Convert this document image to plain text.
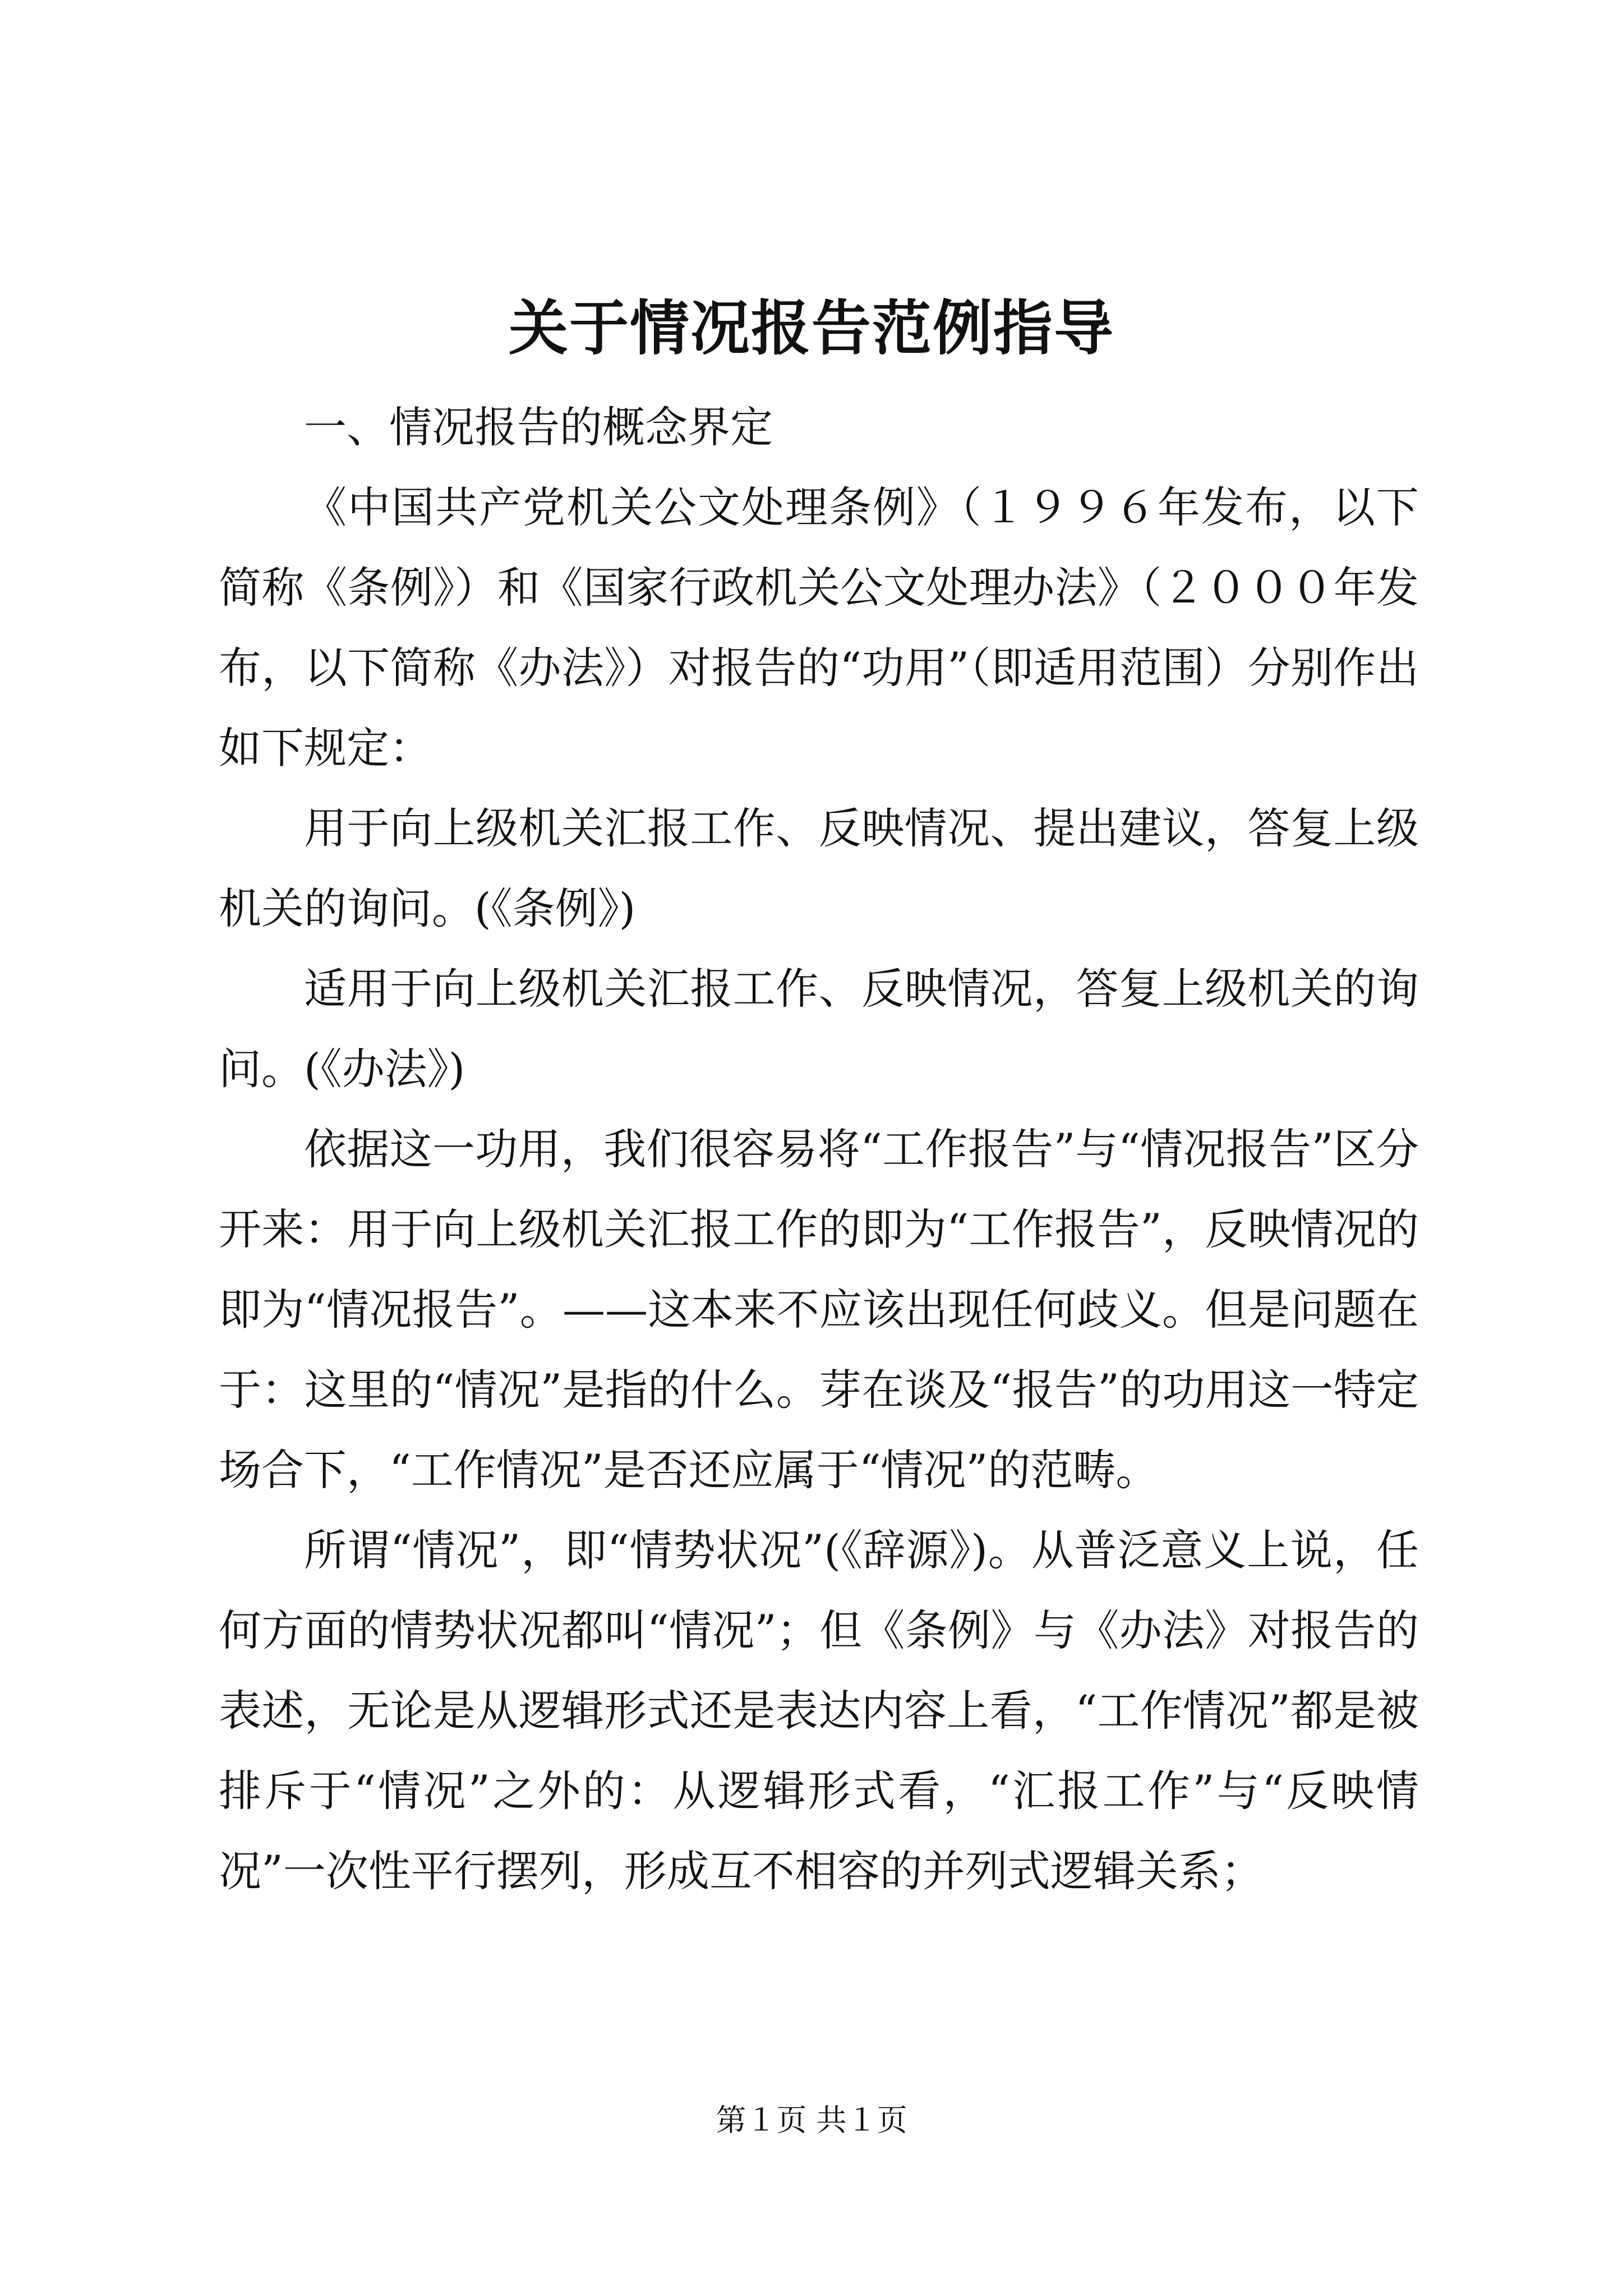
关于情况报告范例指导

一、情况报告的概念界定

《中国共产党机关公文处理条例》（１９９６年发布，以下简称《条例》）和《国家行政机关公文处理办法》（２０００年发布，以下简称《办法》）对报告的“功用”（即适用范围）分别作出如下规定：

用于向上级机关汇报工作、反映情况、提出建议，答复上级机关的询问。(《条例》)

适用于向上级机关汇报工作、反映情况，答复上级机关的询问。(《办法》)

依据这一功用，我们很容易将“工作报告”与“情况报告”区分开来：用于向上级机关汇报工作的即为“工作报告”，反映情况的即为“情况报告”。——这本来不应该出现任何歧义。但是问题在于：这里的“情况”是指的什么。芽在谈及“报告”的功用这一特定场合下，“工作情况”是否还应属于“情况”的范畴。

所谓“情况”，即“情势状况”(《辞源》)。从普泛意义上说，任何方面的情势状况都叫“情况”；但《条例》与《办法》对报告的表述，无论是从逻辑形式还是表达内容上看，“工作情况”都是被排斥于“情况”之外的：从逻辑形式看，“汇报工作”与“反映情况”一次性平行摆列，形成互不相容的并列式逻辑关系；

第１页 共１页
